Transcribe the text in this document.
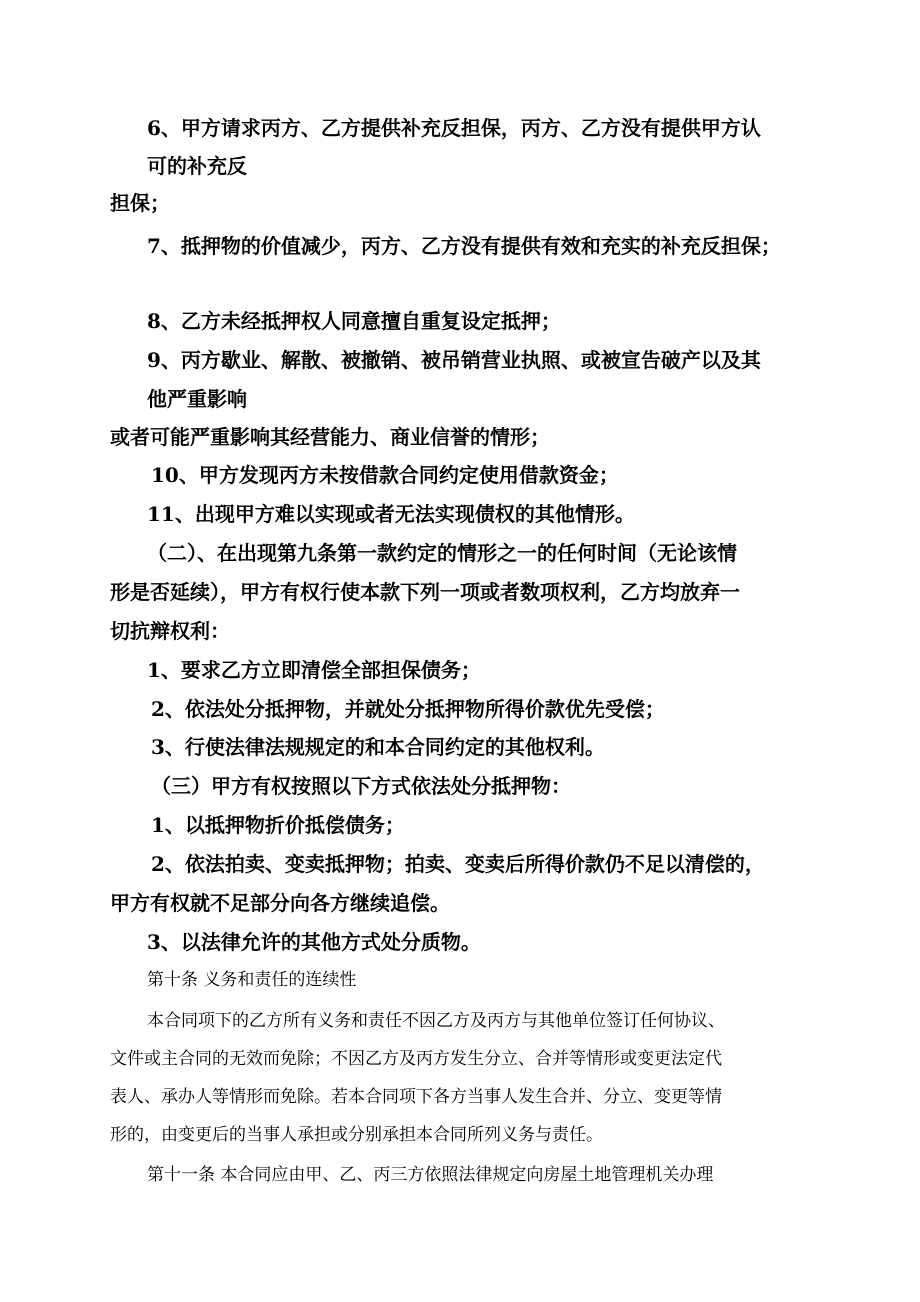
6、甲方请求丙方、乙方提供补充反担保，丙方、乙方没有提供甲方认
可的补充反
担保；
7、抵押物的价值减少，丙方、乙方没有提供有效和充实的补充反担保；
8、乙方未经抵押权人同意擅自重复设定抵押；
9、丙方歇业、解散、被撤销、被吊销营业执照、或被宣告破产以及其
他严重影响
或者可能严重影响其经营能力、商业信誉的情形；
10、甲方发现丙方未按借款合同约定使用借款资金；
11、出现甲方难以实现或者无法实现债权的其他情形。
（二）、在出现第九条第一款约定的情形之一的任何时间（无论该情
形是否延续），甲方有权行使本款下列一项或者数项权利，乙方均放弃一
切抗辩权利：
1、要求乙方立即清偿全部担保债务；
2、依法处分抵押物，并就处分抵押物所得价款优先受偿；
3、行使法律法规规定的和本合同约定的其他权利。
（三）甲方有权按照以下方式依法处分抵押物：
1、以抵押物折价抵偿债务；
2、依法拍卖、变卖抵押物；拍卖、变卖后所得价款仍不足以清偿的，
甲方有权就不足部分向各方继续追偿。
3、以法律允许的其他方式处分质物。
第十条 义务和责任的连续性
本合同项下的乙方所有义务和责任不因乙方及丙方与其他单位签订任何协议、
文件或主合同的无效而免除；不因乙方及丙方发生分立、合并等情形或变更法定代
表人、承办人等情形而免除。若本合同项下各方当事人发生合并、分立、变更等情
形的，由变更后的当事人承担或分别承担本合同所列义务与责任。
第十一条 本合同应由甲、乙、丙三方依照法律规定向房屋土地管理机关办理
